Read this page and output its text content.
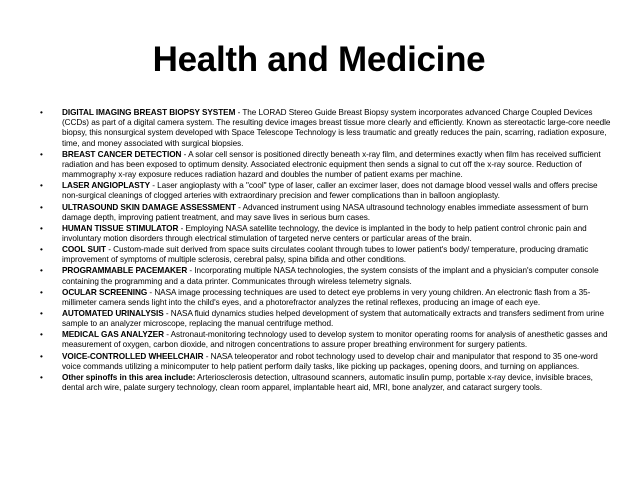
Health and Medicine
• DIGITAL IMAGING BREAST BIOPSY SYSTEM - The LORAD Stereo Guide Breast Biopsy system incorporates advanced Charge Coupled Devices (CCDs) as part of a digital camera system. The resulting device images breast tissue more clearly and efficiently. Known as stereotactic large-core needle biopsy, this nonsurgical system developed with Space Telescope Technology is less traumatic and greatly reduces the pain, scarring, radiation exposure, time, and money associated with surgical biopsies.
• BREAST CANCER DETECTION - A solar cell sensor is positioned directly beneath x-ray film, and determines exactly when film has received sufficient radiation and has been exposed to optimum density. Associated electronic equipment then sends a signal to cut off the x-ray source. Reduction of mammography x-ray exposure reduces radiation hazard and doubles the number of patient exams per machine.
• LASER ANGIOPLASTY - Laser angioplasty with a "cool" type of laser, caller an excimer laser, does not damage blood vessel walls and offers precise non-surgical cleanings of clogged arteries with extraordinary precision and fewer complications than in balloon angioplasty.
• ULTRASOUND SKIN DAMAGE ASSESSMENT - Advanced instrument using NASA ultrasound technology enables immediate assessment of burn damage depth, improving patient treatment, and may save lives in serious burn cases.
• HUMAN TISSUE STIMULATOR - Employing NASA satellite technology, the device is implanted in the body to help patient control chronic pain and involuntary motion disorders through electrical stimulation of targeted nerve centers or particular areas of the brain.
• COOL SUIT - Custom-made suit derived from space suits circulates coolant through tubes to lower patient's body/ temperature, producing dramatic improvement of symptoms of multiple sclerosis, cerebral palsy, spina bifida and other conditions.
• PROGRAMMABLE PACEMAKER - Incorporating multiple NASA technologies, the system consists of the implant and a physician's computer console containing the programming and a data printer. Communicates through wireless telemetry signals.
• OCULAR SCREENING - NASA image processing techniques are used to detect eye problems in very young children. An electronic flash from a 35-millimeter camera sends light into the child's eyes, and a photorefractor analyzes the retinal reflexes, producing an image of each eye.
• AUTOMATED URINALYSIS - NASA fluid dynamics studies helped development of system that automatically extracts and transfers sediment from urine sample to an analyzer microscope, replacing the manual centrifuge method.
• MEDICAL GAS ANALYZER - Astronaut-monitoring technology used to develop system to monitor operating rooms for analysis of anesthetic gasses and measurement of oxygen, carbon dioxide, and nitrogen concentrations to assure proper breathing environment for surgery patients.
• VOICE-CONTROLLED WHEELCHAIR - NASA teleoperator and robot technology used to develop chair and manipulator that respond to 35 one-word voice commands utilizing a minicomputer to help patient perform daily tasks, like picking up packages, opening doors, and turning on appliances.
• Other spinoffs in this area include: Arteriosclerosis detection, ultrasound scanners, automatic insulin pump, portable x-ray device, invisible braces, dental arch wire, palate surgery technology, clean room apparel, implantable heart aid, MRI, bone analyzer, and cataract surgery tools.
